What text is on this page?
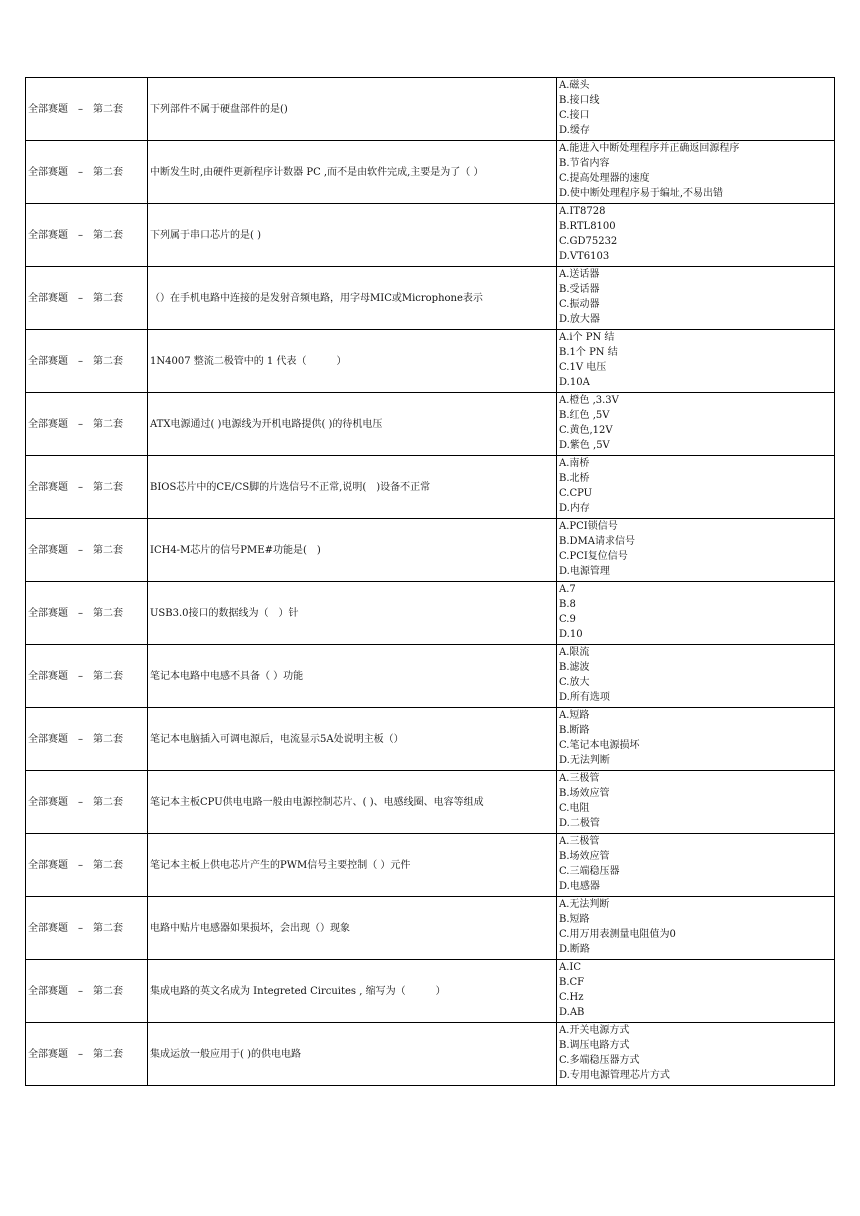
全部赛题 – 第二套	下列部件不属于硬盘部件的是()	A.磁头
B.接口线
C.接口
D.缓存

全部赛题 – 第二套	中断发生时,由硬件更新程序计数器 PC ,而不是由软件完成,主要是为了（ ）	A.能进入中断处理程序并正确返回源程序
B.节省内容
C.提高处理器的速度
D.使中断处理程序易于编址,不易出错

全部赛题 – 第二套	下列属于串口芯片的是( )	A.IT8728
B.RTL8100
C.GD75232
D.VT6103

全部赛题 – 第二套	（）在手机电路中连接的是发射音频电路，用字母MIC或Microphone表示	A.送话器
B.受话器
C.振动器
D.放大器

全部赛题 – 第二套	1N4007 整流二极管中的 1 代表（　　　）	A.i个 PN 结
B.1个 PN 结
C.1V 电压
D.10A

全部赛题 – 第二套	ATX电源通过( )电源线为开机电路提供( )的待机电压	A.橙色 ,3.3V
B.红色 ,5V
C.黄色,12V
D.紫色 ,5V

全部赛题 – 第二套	BIOS芯片中的CE/CS脚的片选信号不正常,说明(　)设备不正常	A.南桥
B.北桥
C.CPU
D.内存

全部赛题 – 第二套	ICH4-M芯片的信号PME#功能是(　)	A.PCI锁信号
B.DMA请求信号
C.PCI复位信号
D.电源管理

全部赛题 – 第二套	USB3.0接口的数据线为（　）针	A.7
B.8
C.9
D.10

全部赛题 – 第二套	笔记本电路中电感不具备（ ）功能	A.限流
B.滤波
C.放大
D.所有选项

全部赛题 – 第二套	笔记本电脑插入可调电源后，电流显示5A处说明主板（）	A.短路
B.断路
C.笔记本电源损坏
D.无法判断

全部赛题 – 第二套	笔记本主板CPU供电电路一般由电源控制芯片、( )、电感线圈、电容等组成	A.三极管
B.场效应管
C.电阻
D.二极管

全部赛题 – 第二套	笔记本主板上供电芯片产生的PWM信号主要控制（ ）元件	A.三极管
B.场效应管
C.三端稳压器
D.电感器

全部赛题 – 第二套	电路中贴片电感器如果损坏，会出现（）现象	A.无法判断
B.短路
C.用万用表测量电阻值为0
D.断路

全部赛题 – 第二套	集成电路的英文名成为 Integreted Circuites , 缩写为（　　　）	A.IC
B.CF
C.Hz
D.AB

全部赛题 – 第二套	集成运放一般应用于( )的供电电路	A.开关电源方式
B.调压电路方式
C.多端稳压器方式
D.专用电源管理芯片方式
